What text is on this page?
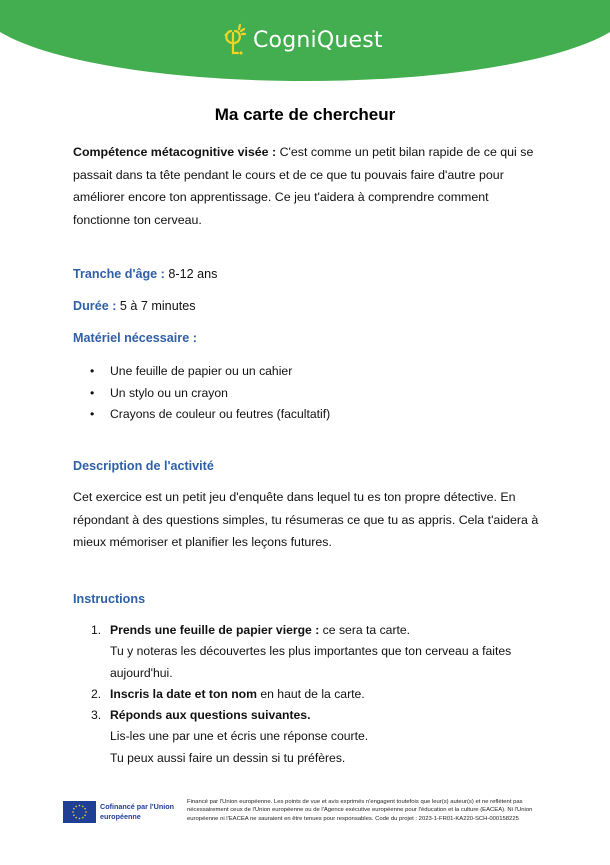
CogniQuest
Ma carte de chercheur
Compétence métacognitive visée : C'est comme un petit bilan rapide de ce qui se passait dans ta tête pendant le cours et de ce que tu pouvais faire d'autre pour améliorer encore ton apprentissage. Ce jeu t'aidera à comprendre comment fonctionne ton cerveau.
Tranche d'âge : 8-12 ans
Durée : 5 à 7 minutes
Matériel nécessaire :
• Une feuille de papier ou un cahier
• Un stylo ou un crayon
• Crayons de couleur ou feutres (facultatif)
Description de l'activité
Cet exercice est un petit jeu d'enquête dans lequel tu es ton propre détective. En répondant à des questions simples, tu résumeras ce que tu as appris. Cela t'aidera à mieux mémoriser et planifier les leçons futures.
Instructions
1. Prends une feuille de papier vierge : ce sera ta carte.
Tu y noteras les découvertes les plus importantes que ton cerveau a faites aujourd'hui.
2. Inscris la date et ton nom en haut de la carte.
3. Réponds aux questions suivantes.
Lis-les une par une et écris une réponse courte.
Tu peux aussi faire un dessin si tu préfères.
Cofinancé par l'Union européenne
Financé par l'Union européenne. Les points de vue et avis exprimés n'engagent toutefois que leur(s) auteur(s) et ne reflètent pas nécessairement ceux de l'Union européenne ou de l'Agence exécutive européenne pour l'éducation et la culture (EACEA). Ni l'Union européenne ni l'EACEA ne sauraient en être tenues pour responsables. Code du projet : 2023-1-FR01-KA220-SCH-000158225
